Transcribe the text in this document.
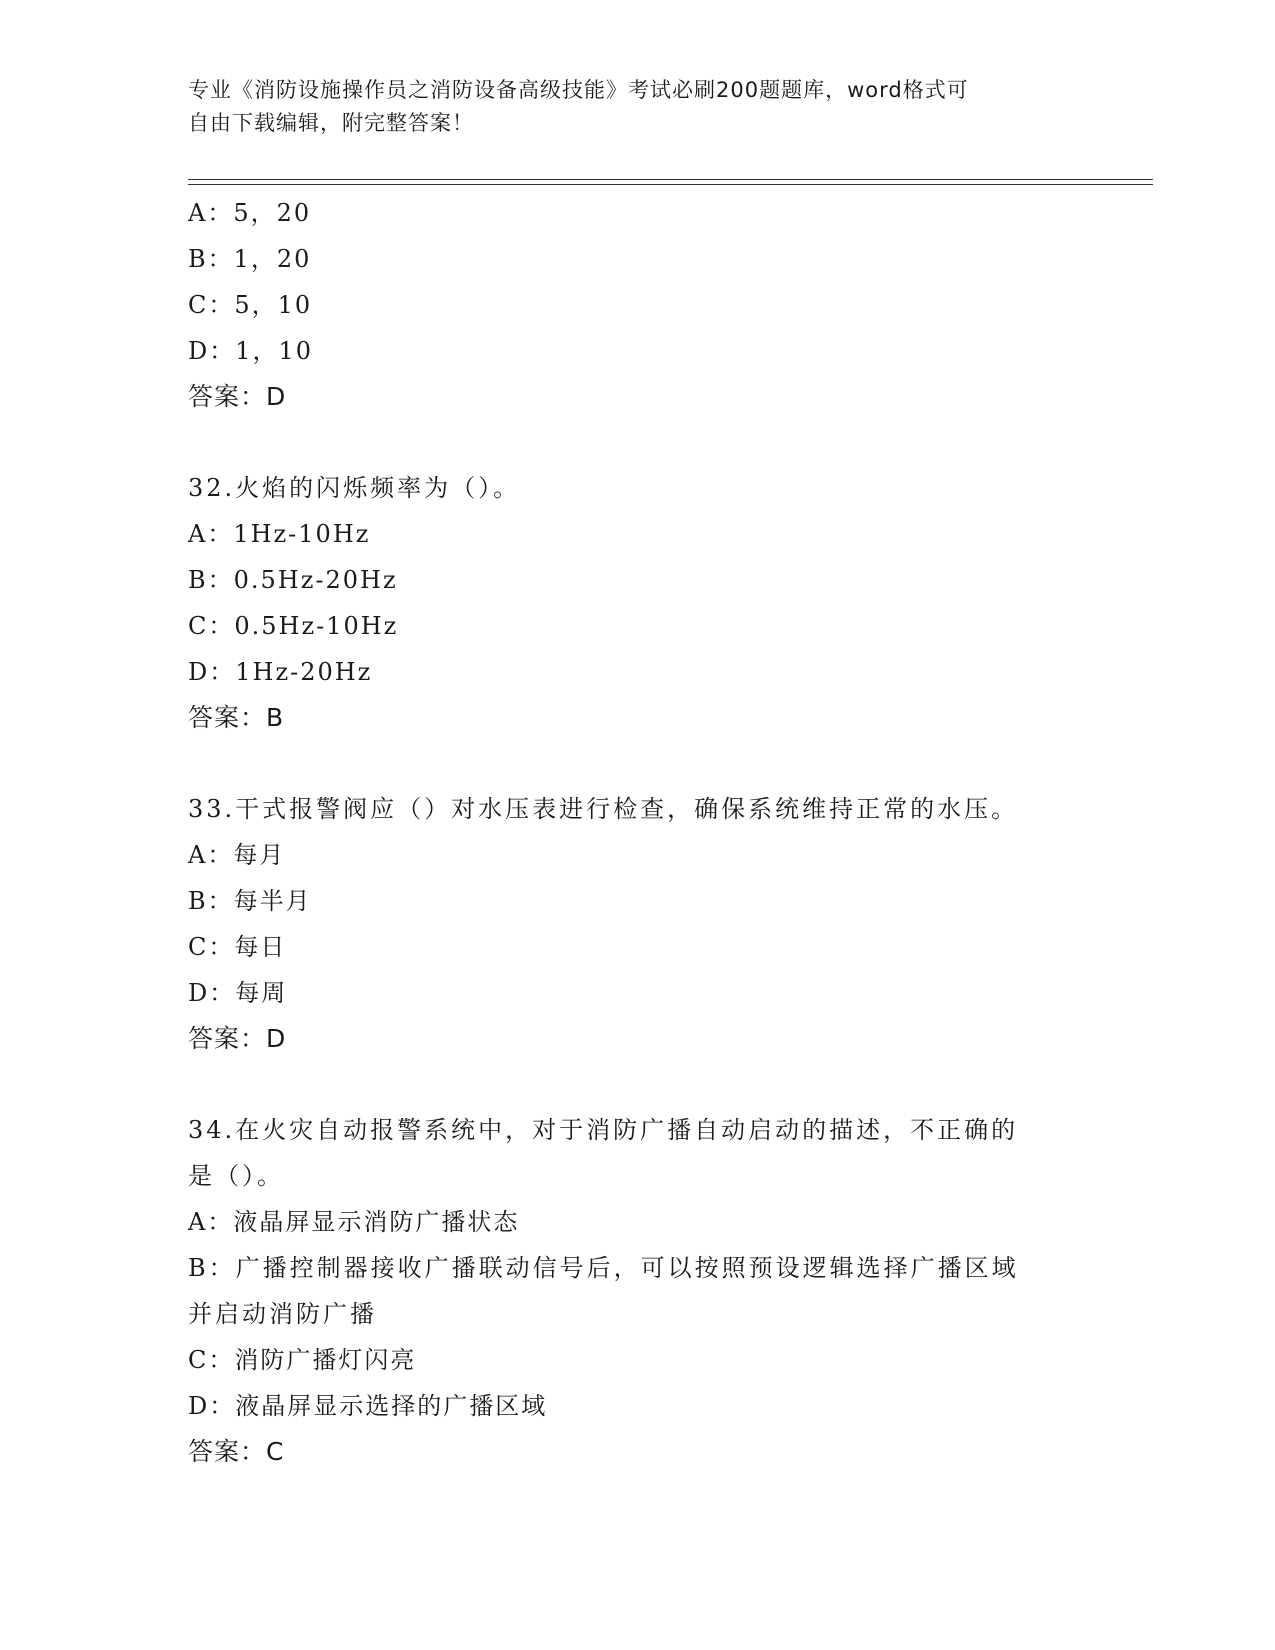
专业《消防设施操作员之消防设备高级技能》考试必刷200题题库，word格式可
自由下载编辑，附完整答案！
A：5，20
B：1，20
C：5，10
D：1，10
答案：D
32.火焰的闪烁频率为（）。
A：1Hz-10Hz
B：0.5Hz-20Hz
C：0.5Hz-10Hz
D：1Hz-20Hz
答案：B
33.干式报警阀应（）对水压表进行检查，确保系统维持正常的水压。
A：每月
B：每半月
C：每日
D：每周
答案：D
34.在火灾自动报警系统中，对于消防广播自动启动的描述，不正确的
是（）。
A：液晶屏显示消防广播状态
B：广播控制器接收广播联动信号后，可以按照预设逻辑选择广播区域
并启动消防广播
C：消防广播灯闪亮
D：液晶屏显示选择的广播区域
答案：C
